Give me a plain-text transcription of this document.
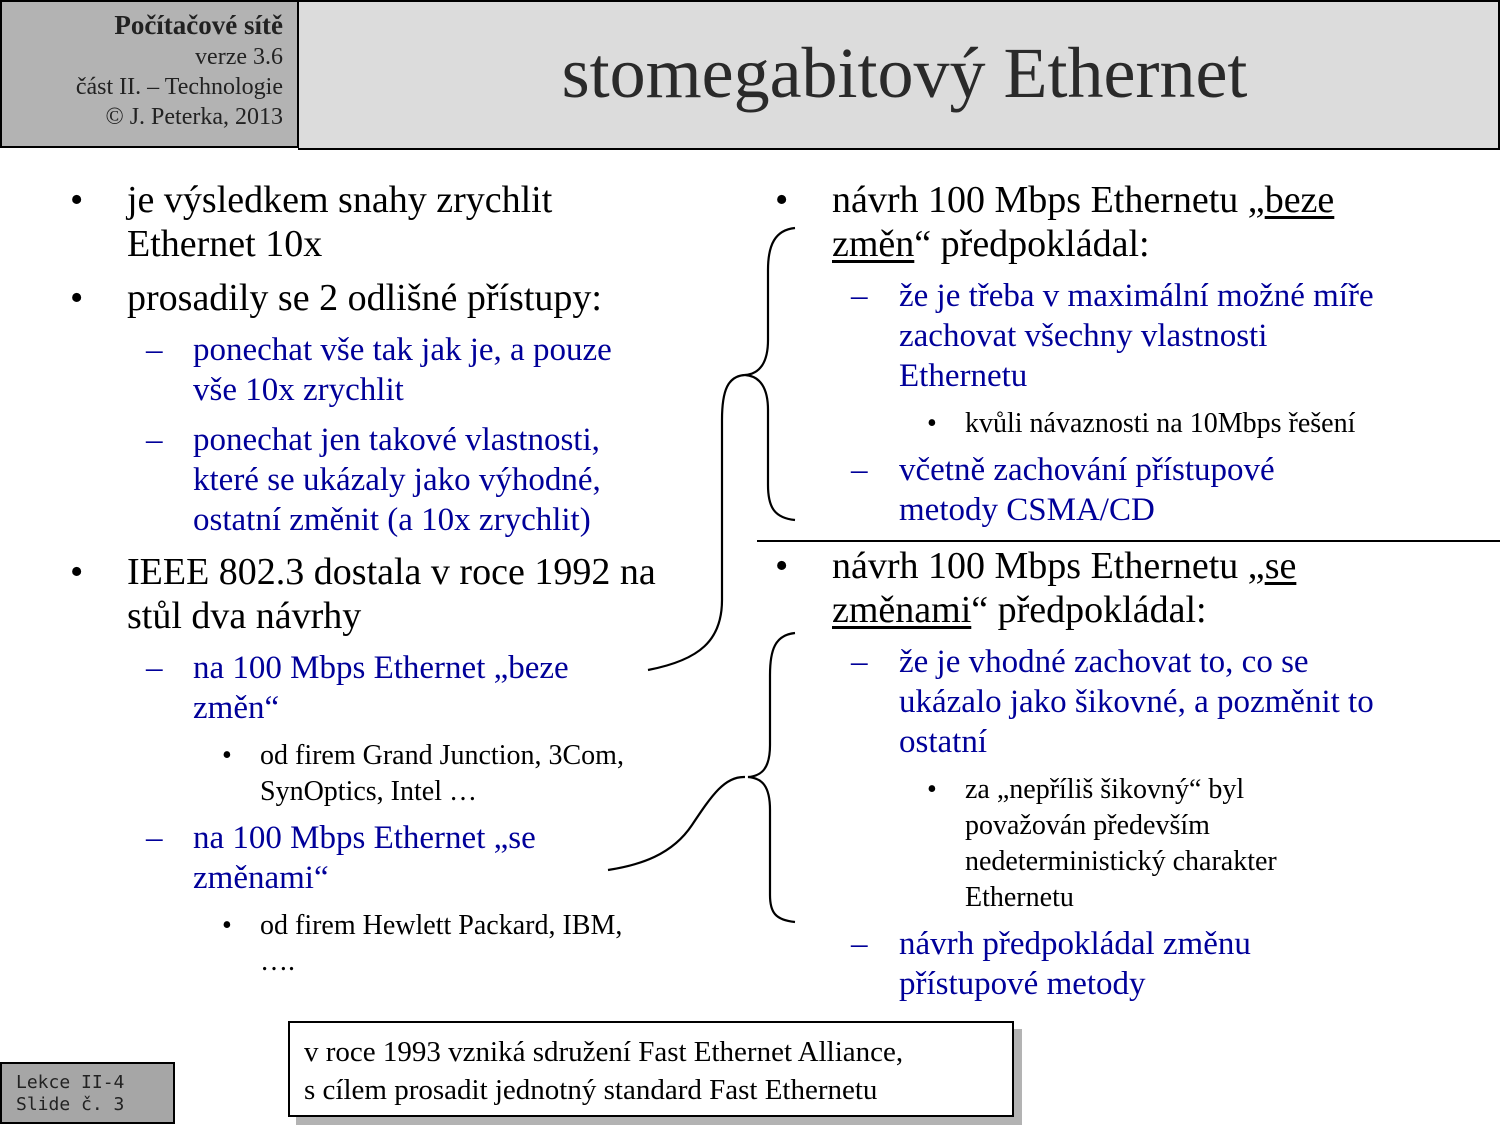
Počítačové sítě
verze 3.6
část II. – Technologie
© J. Peterka, 2013
stomegabitový Ethernet
• je výsledkem snahy zrychlit
Ethernet 10x
• prosadily se 2 odlišné přístupy:
– ponechat vše tak jak je, a pouze
vše 10x zrychlit
– ponechat jen takové vlastnosti,
které se ukázaly jako výhodné,
ostatní změnit (a 10x zrychlit)
• IEEE 802.3 dostala v roce 1992 na
stůl dva návrhy
– na 100 Mbps Ethernet „beze
změn“
• od firem Grand Junction, 3Com,
SynOptics, Intel …
– na 100 Mbps Ethernet „se
změnami“
• od firem Hewlett Packard, IBM,
….
• návrh 100 Mbps Ethernetu „beze
změn“ předpokládal:
– že je třeba v maximální možné míře
zachovat všechny vlastnosti
Ethernetu
• kvůli návaznosti na 10Mbps řešení
– včetně zachování přístupové
metody CSMA/CD
• návrh 100 Mbps Ethernetu „se
změnami“ předpokládal:
– že je vhodné zachovat to, co se
ukázalo jako šikovné, a pozměnit to
ostatní
• za „nepříliš šikovný“ byl
považován především
nedeterministický charakter
Ethernetu
– návrh předpokládal změnu
přístupové metody
Lekce II-4
Slide č. 3
v roce 1993 vzniká sdružení Fast Ethernet Alliance,
s cílem prosadit jednotný standard Fast Ethernetu
